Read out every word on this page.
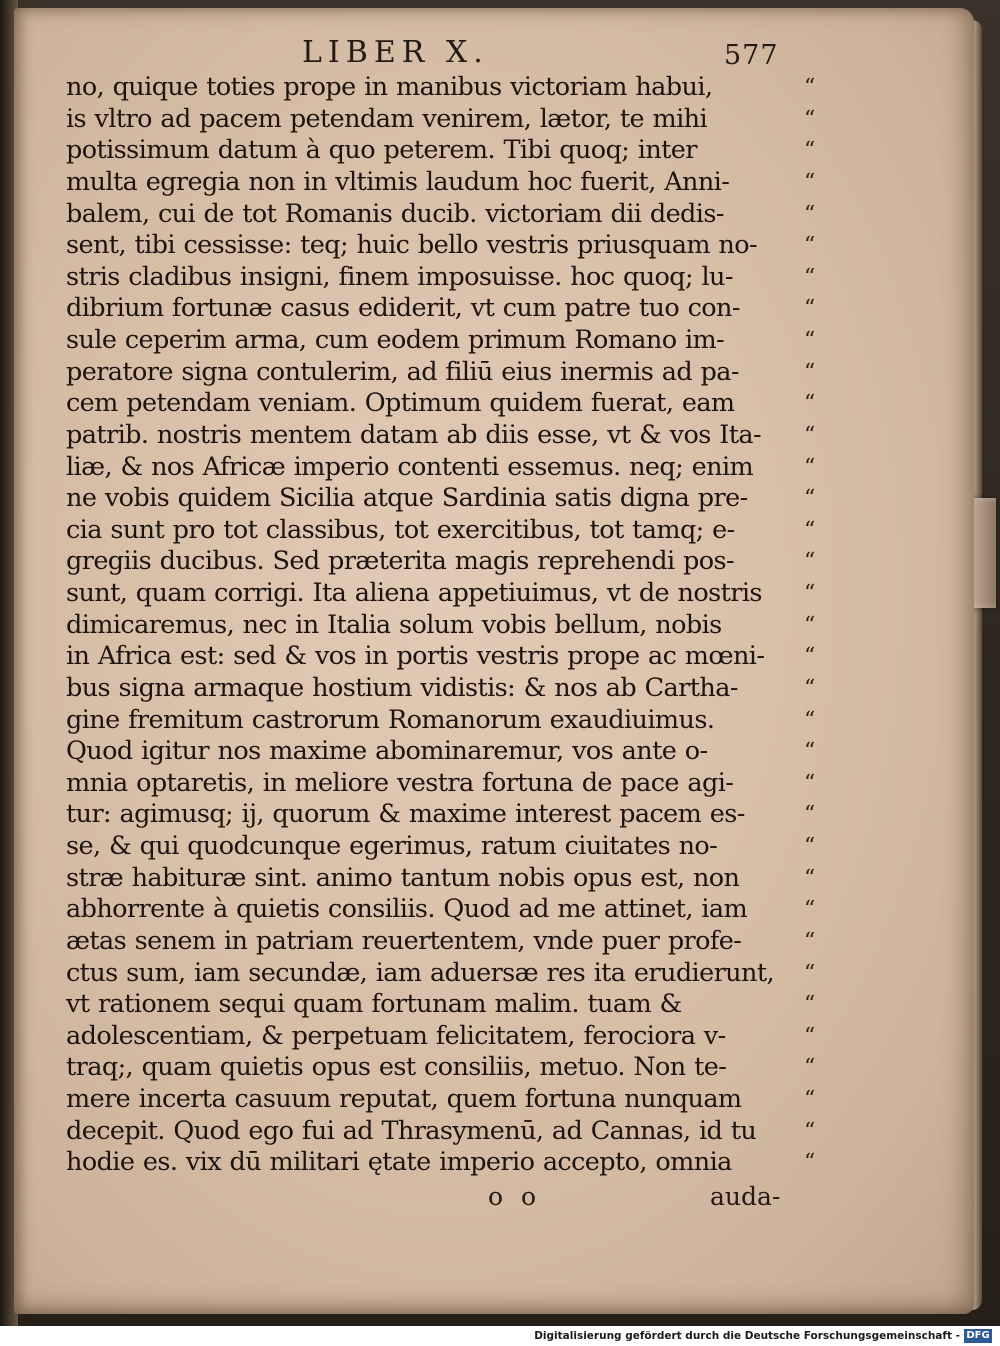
LIBER X.	577
no, quique toties prope in manibus victoriam habui,
is vltro ad pacem petendam venirem, lætor, te mihi
potissimum datum à quo peterem. Tibi quoq; inter
multa egregia non in vltimis laudum hoc fuerit, Anni-
balem, cui de tot Romanis ducib. victoriam dii dedis-
sent, tibi cessisse: teq; huic bello vestris priusquam no-
stris cladibus insigni, finem imposuisse. hoc quoq; lu-
dibrium fortunæ casus ediderit, vt cum patre tuo con-
sule ceperim arma, cum eodem primum Romano im-
peratore signa contulerim, ad filiū eius inermis ad pa-
cem petendam veniam. Optimum quidem fuerat, eam
patrib. nostris mentem datam ab diis esse, vt & vos Ita-
liæ, & nos Africæ imperio contenti essemus. neq; enim
ne vobis quidem Sicilia atque Sardinia satis digna pre-
cia sunt pro tot classibus, tot exercitibus, tot tamq; e-
gregiis ducibus. Sed præterita magis reprehendi pos-
sunt, quam corrigi. Ita aliena appetiuimus, vt de nostris
dimicaremus, nec in Italia solum vobis bellum, nobis
in Africa est: sed & vos in portis vestris prope ac mœni-
bus signa armaque hostium vidistis: & nos ab Cartha-
gine fremitum castrorum Romanorum exaudiuimus.
Quod igitur nos maxime abominaremur, vos ante o-
mnia optaretis, in meliore vestra fortuna de pace agi-
tur: agimusq; ij, quorum & maxime interest pacem es-
se, & qui quodcunque egerimus, ratum ciuitates no-
stræ habituræ sint. animo tantum nobis opus est, non
abhorrente à quietis consiliis. Quod ad me attinet, iam
ætas senem in patriam reuertentem, vnde puer profe-
ctus sum, iam secundæ, iam aduersæ res ita erudierunt,
vt rationem sequi quam fortunam malim. tuam &
adolescentiam, & perpetuam felicitatem, ferociora v-
traq;, quam quietis opus est consiliis, metuo. Non te-
mere incerta casuum reputat, quem fortuna nunquam
decepit. Quod ego fui ad Thrasymenū, ad Cannas, id tu
hodie es. vix dū militari ętate imperio accepto, omnia
“
“
“
“
“
“
“
“
“
“
“
“
“
“
“
“
“
“
“
“
“
“
“
“
“
“
“
“
“
“
“
“
“
“
“
o o	auda-
Digitalisierung gefördert durch die Deutsche Forschungsgemeinschaft - DFG
